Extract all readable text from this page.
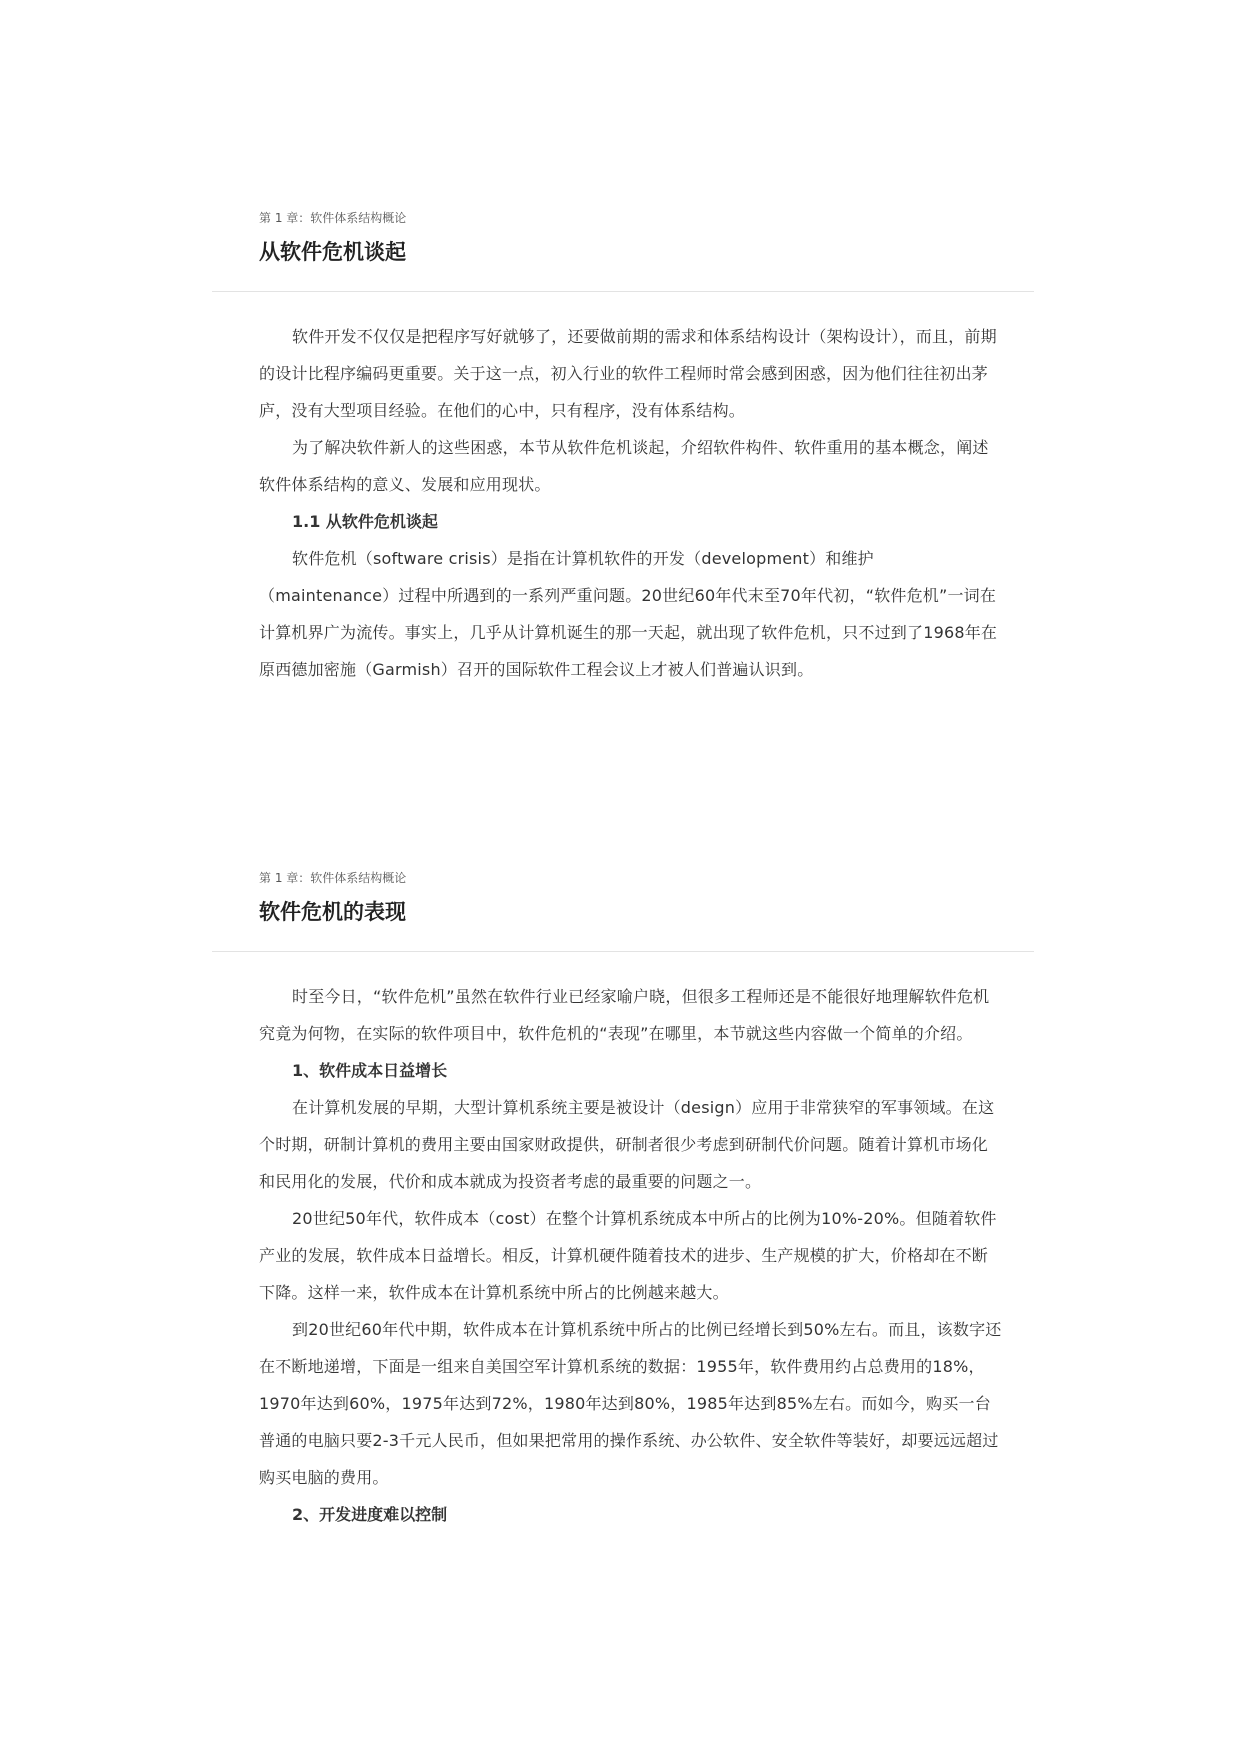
第 1 章：软件体系结构概论
从软件危机谈起

软件开发不仅仅是把程序写好就够了，还要做前期的需求和体系结构设计（架构设计），而且，前期的设计比程序编码更重要。关于这一点，初入行业的软件工程师时常会感到困惑，因为他们往往初出茅庐，没有大型项目经验。在他们的心中，只有程序，没有体系结构。

为了解决软件新人的这些困惑，本节从软件危机谈起，介绍软件构件、软件重用的基本概念，阐述软件体系结构的意义、发展和应用现状。

1.1 从软件危机谈起

软件危机（software crisis）是指在计算机软件的开发（development）和维护（maintenance）过程中所遇到的一系列严重问题。20世纪60年代末至70年代初，“软件危机”一词在计算机界广为流传。事实上，几乎从计算机诞生的那一天起，就出现了软件危机，只不过到了1968年在原西德加密施（Garmish）召开的国际软件工程会议上才被人们普遍认识到。

第 1 章：软件体系结构概论
软件危机的表现

时至今日，“软件危机”虽然在软件行业已经家喻户晓，但很多工程师还是不能很好地理解软件危机究竟为何物，在实际的软件项目中，软件危机的“表现”在哪里，本节就这些内容做一个简单的介绍。

1、软件成本日益增长

在计算机发展的早期，大型计算机系统主要是被设计（design）应用于非常狭窄的军事领域。在这个时期，研制计算机的费用主要由国家财政提供，研制者很少考虑到研制代价问题。随着计算机市场化和民用化的发展，代价和成本就成为投资者考虑的最重要的问题之一。

20世纪50年代，软件成本（cost）在整个计算机系统成本中所占的比例为10%-20%。但随着软件产业的发展，软件成本日益增长。相反，计算机硬件随着技术的进步、生产规模的扩大，价格却在不断下降。这样一来，软件成本在计算机系统中所占的比例越来越大。

到20世纪60年代中期，软件成本在计算机系统中所占的比例已经增长到50%左右。而且，该数字还在不断地递增，下面是一组来自美国空军计算机系统的数据：1955年，软件费用约占总费用的18%，1970年达到60%，1975年达到72%，1980年达到80%，1985年达到85%左右。而如今，购买一台普通的电脑只要2-3千元人民币，但如果把常用的操作系统、办公软件、安全软件等装好，却要远远超过购买电脑的费用。

2、开发进度难以控制
